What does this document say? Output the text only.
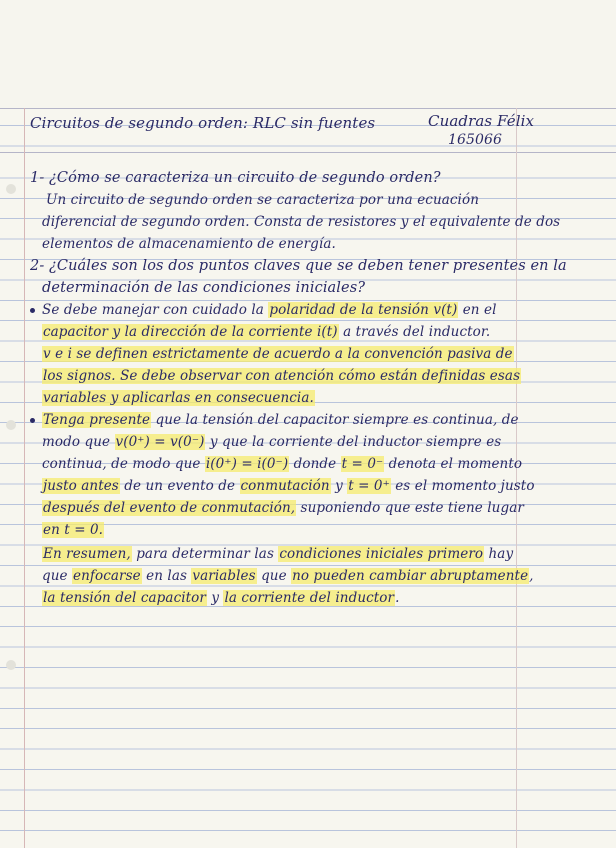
Circuitos de segundo orden: RLC sin fuentes	Cuadras Félix
165066
1- ¿Cómo se caracteriza un circuito de segundo orden?
Un circuito de segundo orden se caracteriza por una ecuación
diferencial de segundo orden. Consta de resistores y el equivalente de dos
elementos de almacenamiento de energía.
2- ¿Cuáles son los dos puntos claves que se deben tener presentes en la
determinación de las condiciones iniciales?
Se debe manejar con cuidado la polaridad de la tensión v(t) en el
capacitor y la dirección de la corriente i(t) a través del inductor.
v e i se definen estrictamente de acuerdo a la convención pasiva de
los signos. Se debe observar con atención cómo están definidas esas
variables y aplicarlas en consecuencia.
Tenga presente que la tensión del capacitor siempre es continua, de
modo que v(0⁺) = v(0⁻) y que la corriente del inductor siempre es
continua, de modo que i(0⁺) = i(0⁻) donde t = 0⁻ denota el momento
justo antes de un evento de conmutación y t = 0⁺ es el momento justo
después del evento de conmutación, suponiendo que este tiene lugar
en t = 0.
En resumen, para determinar las condiciones iniciales primero hay
que enfocarse en las variables que no pueden cambiar abruptamente,
la tensión del capacitor y la corriente del inductor.
